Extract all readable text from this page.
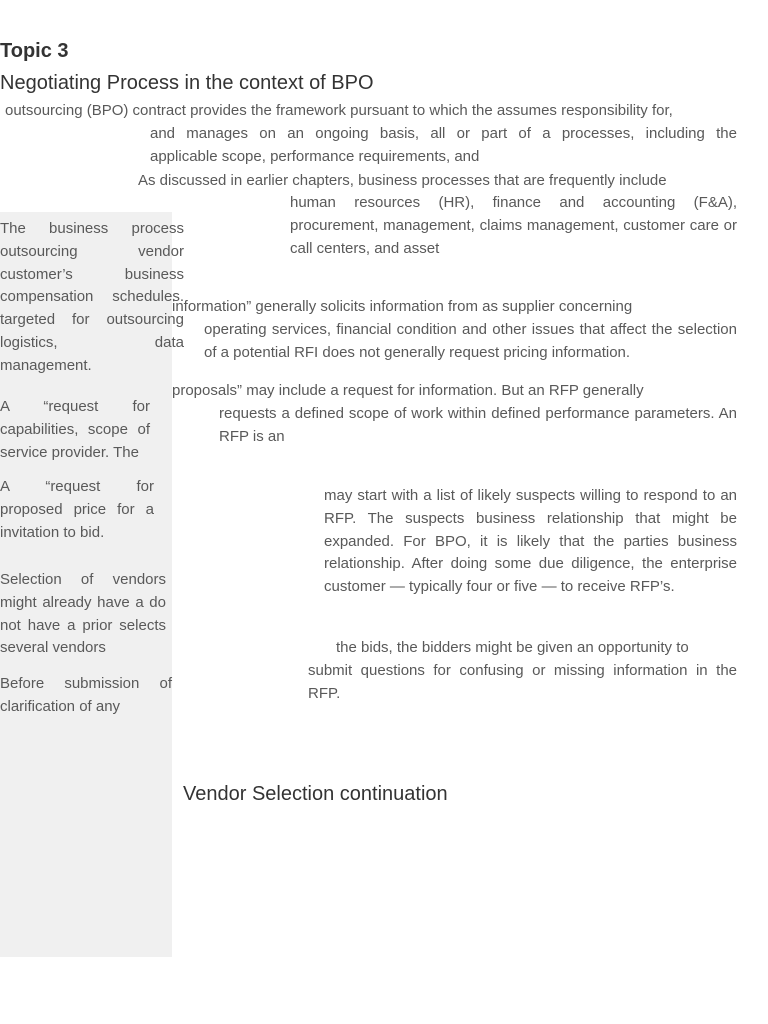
Topic 3
Negotiating Process in the context of BPO
outsourcing (BPO) contract provides the framework pursuant to which the assumes responsibility for,
and manages on an ongoing basis, all or part of a processes, including the
applicable scope, performance requirements, and
As discussed in earlier chapters, business processes that are frequently include
human resources (HR), finance and accounting (F&A), procurement, management, claims management, customer care or call centers, and asset
The business process outsourcing vendor customer’s business compensation schedules. targeted for outsourcing logistics, data management.
information” generally solicits information from as supplier concerning
operating services, financial condition and other issues that affect the selection of a potential RFI does not generally request pricing information.
proposals” may include a request for information. But an RFP generally
requests a defined scope of work within defined performance parameters. An RFP is an
A “request for capabilities, scope of service provider. The
A “request for proposed price for a invitation to bid.
may start with a list of likely suspects willing to respond to an RFP. The suspects business relationship that might be expanded. For BPO, it is likely that the parties business relationship. After doing some due diligence, the enterprise customer — typically four or five — to receive RFP’s.
Selection of vendors might already have a do not have a prior selects several vendors	the bids, the bidders might be given an opportunity to
submit questions for confusing or missing information in the RFP.
Before submission of clarification of any
Vendor Selection continuation
